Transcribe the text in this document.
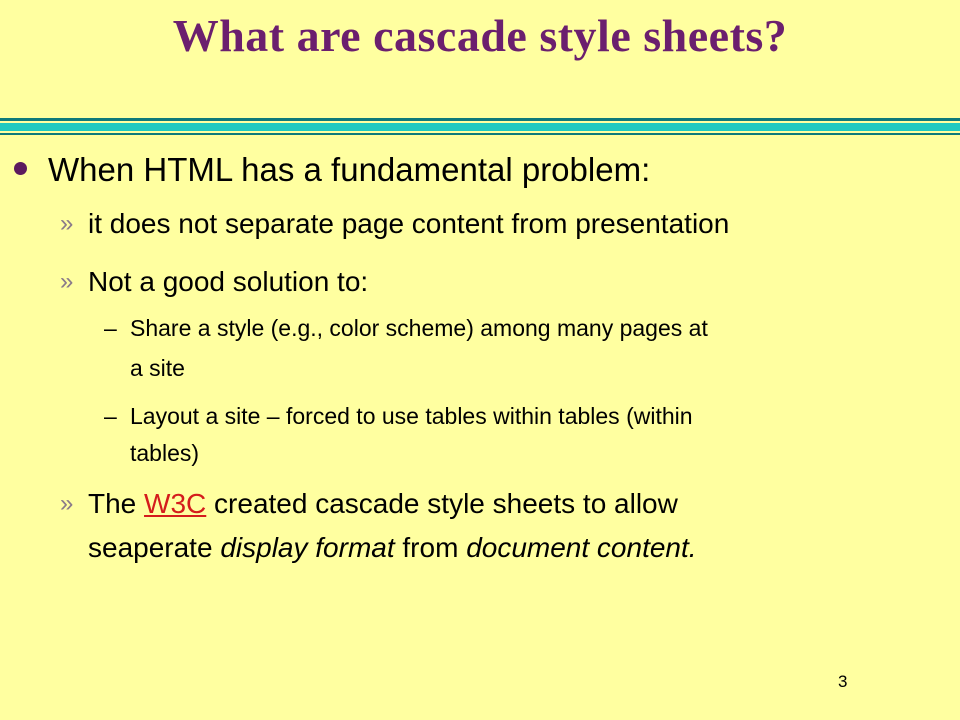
What are cascade style sheets?
When HTML has a fundamental problem:
» it does not separate page content from presentation
» Not a good solution to:
– Share a style (e.g., color scheme) among many pages at
a site
– Layout a site – forced to use tables within tables (within
tables)
» The W3C created cascade style sheets to allow
seaperate display format from document content.
3
